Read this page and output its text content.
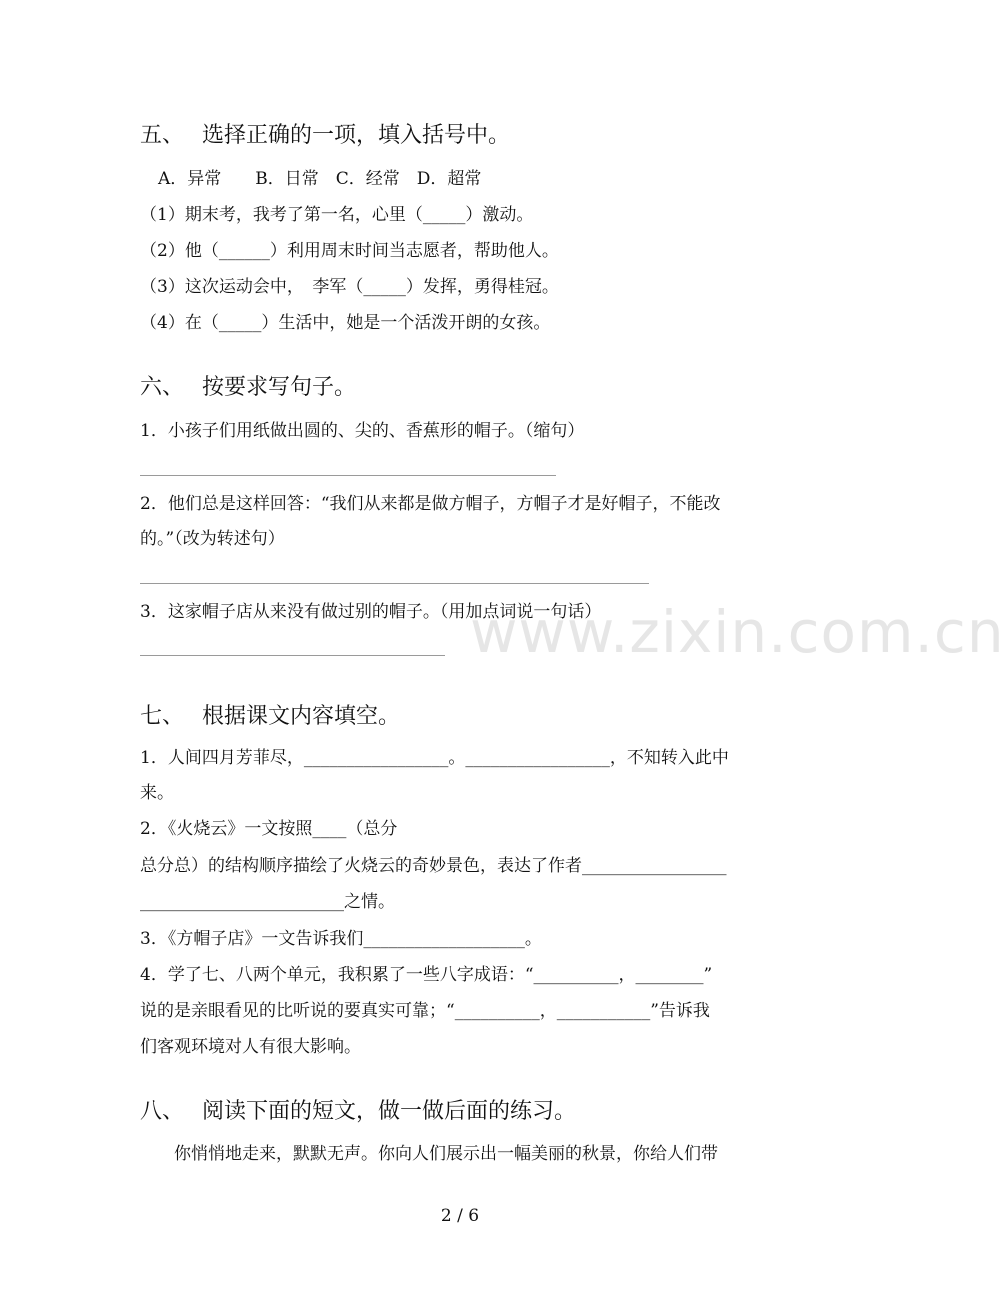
www.zixin.com.cn
五、 选择正确的一项，填入括号中。
A．异常　　B．日常　C．经常　D．超常
（1）期末考，我考了第一名，心里（_____）激动。
（2）他（______）利用周末时间当志愿者，帮助他人。
（3）这次运动会中，　李军（_____）发挥，勇得桂冠。
（4）在（_____）生活中，她是一个活泼开朗的女孩。
六、 按要求写句子。
1．小孩子们用纸做出圆的、尖的、香蕉形的帽子。（缩句）
2．他们总是这样回答：“我们从来都是做方帽子，方帽子才是好帽子，不能改
的。”（改为转述句）
3．这家帽子店从来没有做过别的帽子。（用加点词说一句话）
七、 根据课文内容填空。
1．人间四月芳菲尽，_________________。_________________，不知转入此中
来。
2．《火烧云》一文按照____（总分
总分总）的结构顺序描绘了火烧云的奇妙景色，表达了作者_________________
________________________之情。
3．《方帽子店》一文告诉我们___________________。
4．学了七、八两个单元，我积累了一些八字成语：“__________，________”
说的是亲眼看见的比听说的要真实可靠；“__________，___________”告诉我
们客观环境对人有很大影响。
八、 阅读下面的短文，做一做后面的练习。
你悄悄地走来，默默无声。你向人们展示出一幅美丽的秋景，你给人们带
2 / 6
